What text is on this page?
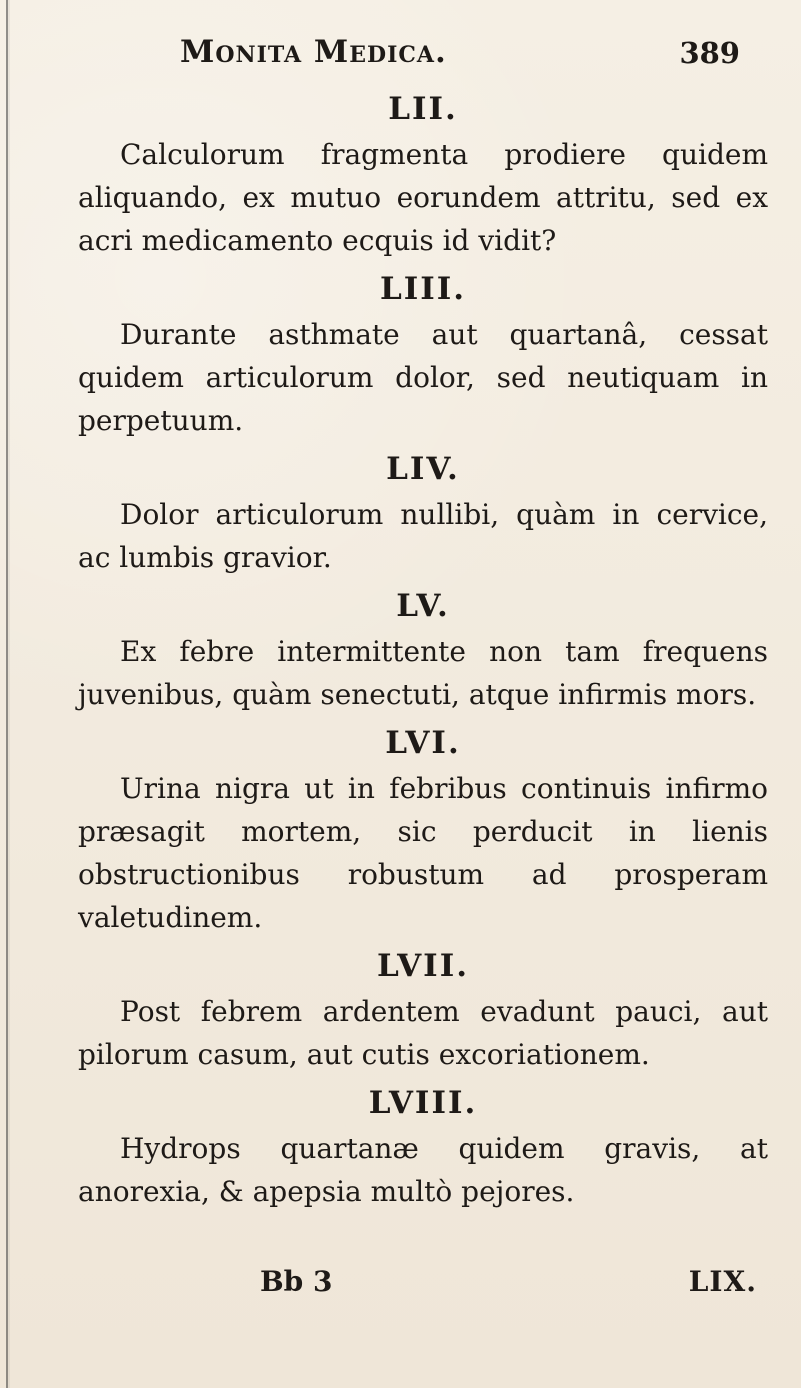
Monita Medica.	389
LII.

Calculorum fragmenta prodiere quidem aliquando, ex mutuo eorundem attritu, sed ex acri medicamento ecquis id vidit?

LIII.

Durante asthmate aut quartanâ, cessat quidem articulorum dolor, sed neutiquam in perpetuum.

LIV.

Dolor articulorum nullibi, quàm in cervice, ac lumbis gravior.

LV.

Ex febre intermittente non tam frequens juvenibus, quàm senectuti, atque infirmis mors.

LVI.

Urina nigra ut in febribus continuis infirmo præsagit mortem, sic perducit in lienis obstructionibus robustum ad prosperam valetudinem.

LVII.

Post febrem ardentem evadunt pauci, aut pilorum casum, aut cutis excoriationem.

LVIII.

Hydrops quartanæ quidem gravis, at anorexia, & apepsia multò pejores.

Bb 3	LIX.
